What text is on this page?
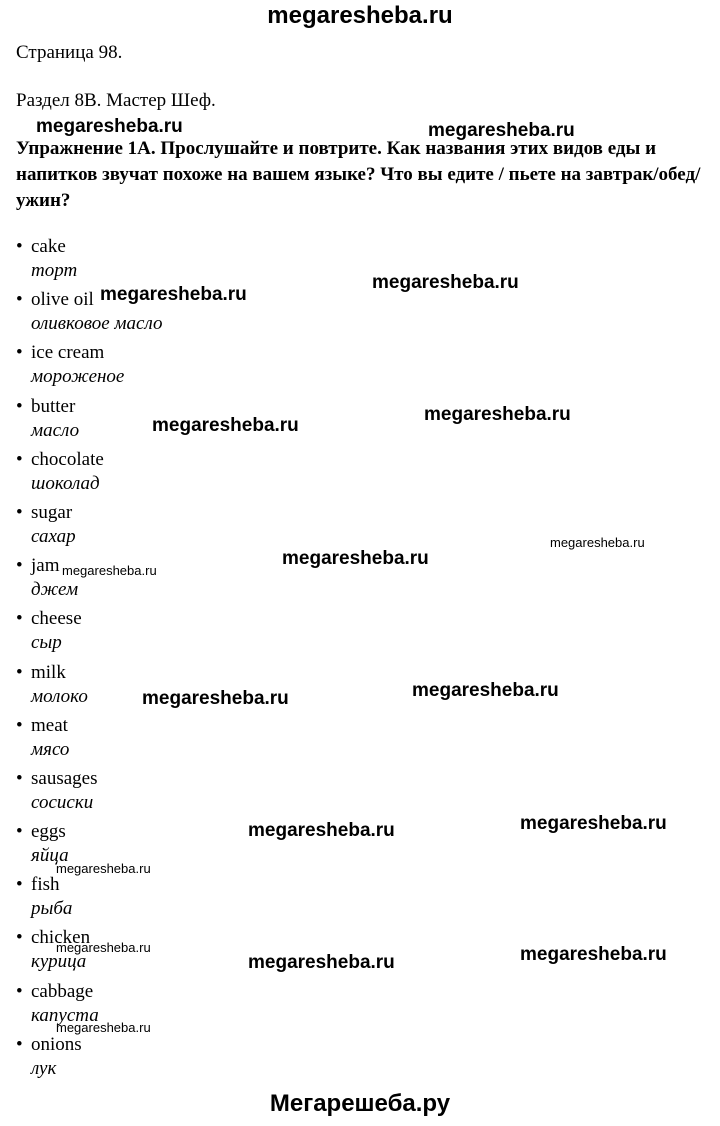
megaresheba.ru
Страница 98.
Раздел 8В. Мастер Шеф.
Упражнение 1А. Прослушайте и повтрите. Как названия этих видов еды и напитков звучат похоже на вашем языке? Что вы едите / пьете на завтрак/обед/ужин?
• cake
торт
• olive oil
оливковое масло
• ice cream
мороженое
• butter
масло
• chocolate
шоколад
• sugar
сахар
• jam
джем
• cheese
сыр
• milk
молоко
• meat
мясо
• sausages
сосиски
• eggs
яйца
• fish
рыба
• chicken
курица
• cabbage
капуста
• onions
лук
megaresheba.ru	megaresheba.ru
megaresheba.ru
megaresheba.ru
megaresheba.ru
megaresheba.ru
megaresheba.ru
megaresheba.ru
megaresheba.ru
megaresheba.ru
megaresheba.ru
megaresheba.ru
megaresheba.ru
megaresheba.ru
megaresheba.ru	megaresheba.ru
megaresheba.ru
megaresheba.ru
Мегарешеба.ру
